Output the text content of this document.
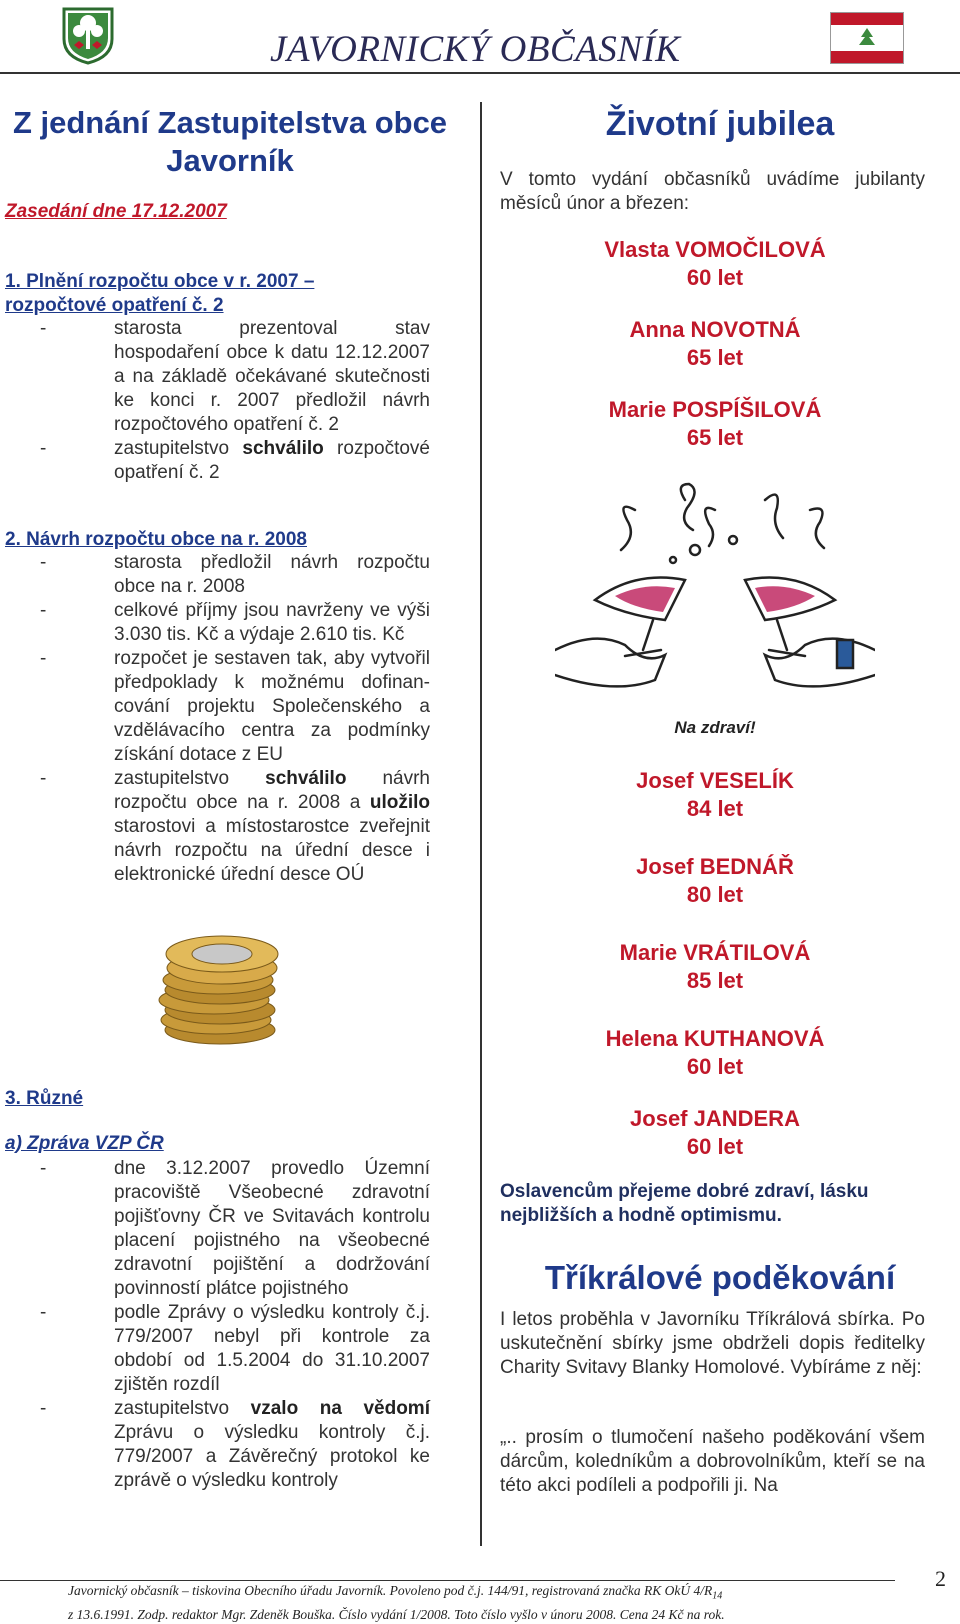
JAVORNICKÝ OBČASNÍK
Z jednání Zastupitelstva obce Javorník
Zasedání dne 17.12.2007
1. Plnění rozpočtu obce v r. 2007 –
rozpočtové opatření č. 2
-	starosta prezentoval stav hospodaření obce k datu 12.12.2007 a na základě očekávané skutečnosti ke konci r. 2007 předložil návrh rozpočtového opatření č. 2
-	zastupitelstvo schválilo rozpočtové opatření č. 2
2. Návrh rozpočtu obce na r. 2008
-	starosta předložil návrh rozpočtu obce na r. 2008
-	celkové příjmy jsou navrženy ve výši 3.030 tis. Kč a výdaje 2.610 tis. Kč
-	rozpočet je sestaven tak, aby vytvořil předpoklady k možnému dofinan-cování projektu Společenského a vzdělávacího centra za podmínky získání dotace z EU
-	zastupitelstvo schválilo návrh rozpočtu obce na r. 2008 a uložilo starostovi a místostarostce zveřejnit návrh rozpočtu na úřední desce i elektronické úřední desce OÚ
3. Různé
a) Zpráva VZP ČR
-	dne 3.12.2007 provedlo Územní pracoviště Všeobecné zdravotní pojišťovny ČR ve Svitavách kontrolu placení pojistného na všeobecné zdravotní pojištění a dodržování povinností plátce pojistného
-	podle Zprávy o výsledku kontroly č.j. 779/2007 nebyl při kontrole za období od 1.5.2004 do 31.10.2007 zjištěn rozdíl
-	zastupitelstvo vzalo na vědomí Zprávu o výsledku kontroly č.j. 779/2007 a Závěrečný protokol ke zprávě o výsledku kontroly
Životní jubilea
V tomto vydání občasníků uvádíme jubilanty měsíců únor a březen:
Vlasta VOMOČILOVÁ
60 let
Anna NOVOTNÁ
65 let
Marie POSPÍŠILOVÁ
65 let
Na zdraví!
Josef VESELÍK
84 let
Josef BEDNÁŘ
80 let
Marie VRÁTILOVÁ
85 let
Helena KUTHANOVÁ
60 let
Josef JANDERA
60 let
Oslavencům přejeme dobré zdraví, lásku nejbližších a hodně optimismu.
Tříkrálové poděkování
I letos proběhla v Javorníku Tříkrálová sbírka. Po uskutečnění sbírky jsme obdrželi dopis ředitelky Charity Svitavy Blanky Homolové. Vybíráme z něj:
„.. prosím o tlumočení našeho poděkování všem dárcům, koledníkům a dobrovolníkům, kteří se na této akci podíleli a podpořili ji. Na
2
Javornický občasník – tiskovina Obecního úřadu Javorník. Povoleno pod č.j. 144/91, registrovaná značka RK OkÚ $4/R_{14}$
z 13.6.1991. Zodp. redaktor Mgr. Zdeněk Bouška. Číslo vydání 1/2008. Toto číslo vyšlo v únoru 2008. Cena 24 Kč na rok.
